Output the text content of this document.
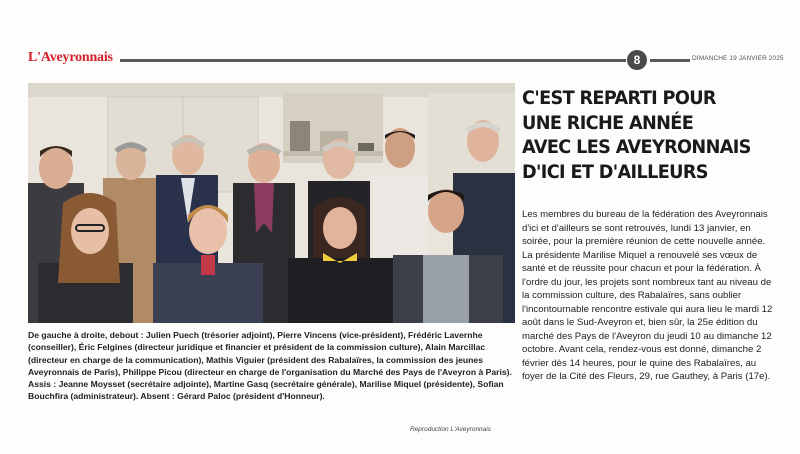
L'Aveyronnais	8	DIMANCHE 19 JANVIER 2025
De gauche à droite, debout : Julien Puech (trésorier adjoint), Pierre Vincens (vice-président), Frédéric Lavernhe (conseiller), Éric Felgines (directeur juridique et financier et président de la commission culture), Alain Marcillac (directeur en charge de la communication), Mathis Viguier (président des Rabalaïres, la commission des jeunes Aveyronnais de Paris), Philippe Picou (directeur en charge de l'organisation du Marché des Pays de l'Aveyron à Paris). Assis : Jeanne Moysset (secrétaire adjointe), Martine Gasq (secrétaire générale), Marilise Miquel (présidente), Sofian Bouchfira (administrateur). Absent : Gérard Paloc (président d'Honneur).
Reproduction L'Aveyronnais
C'EST REPARTI POUR
UNE RICHE ANNÉE
AVEC LES AVEYRONNAIS
D'ICI ET D'AILLEURS

Les membres du bureau de la fédération des Aveyronnais d'ici et d'ailleurs se sont retrouvés, lundi 13 janvier, en soirée, pour la première réunion de cette nouvelle année. La présidente Marilise Miquel a renouvelé ses vœux de santé et de réussite pour chacun et pour la fédération. À l'ordre du jour, les projets sont nombreux tant au niveau de la commission culture, des Rabalaïres, sans oublier l'incontournable rencontre estivale qui aura lieu le mardi 12 août dans le Sud-Aveyron et, bien sûr, la 25e édition du marché des Pays de l'Aveyron du jeudi 10 au dimanche 12 octobre. Avant cela, rendez-vous est donné, dimanche 2 février dès 14 heures, pour le quine des Rabalaïres, au foyer de la Cité des Fleurs, 29, rue Gauthey, à Paris (17e).
